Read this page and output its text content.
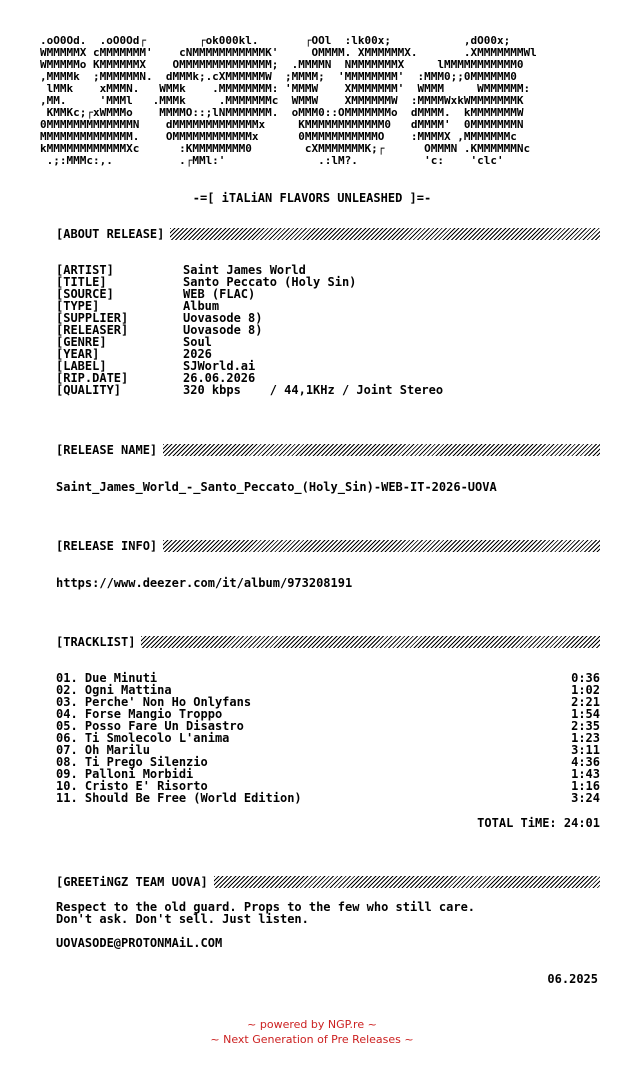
.oO0Od.  .oO0Od┌        ┌ok000kl.       ┌OOl  :lk00x;           ,dO00x;
WMMMMMX cMMMMMMM'    cNMMMMMMMMMMMK'     OMMMM. XMMMMMMX.       .XMMMMMMMWl
WMMMMMo KMMMMMMX    OMMMMMMMMMMMMMM;  .MMMMN  NMMMMMMMX     lMMMMMMMMMMM0
,MMMMk  ;MMMMMMN.  dMMMk;.cXMMMMMMW  ;MMMM;  'MMMMMMMM'  :MMM0;;0MMMMMM0
lMMk    xMMMN.   WMMk    .MMMMMMMM: 'MMMW    XMMMMMMM'  WMMM     WMMMMMM:
,MM.     'MMMl   .MMMk     .MMMMMMMc  WMMW    XMMMMMMW  :MMMMWxkWMMMMMMMK
KMMKc;┌xWMMMo    MMMMO::;lNMMMMMMM.  oMMM0::OMMMMMMMo  dMMMM.  kMMMMMMMW
0MMMMMMMMMMMMMN    dMMMMMMMMMMMMMx     KMMMMMMMMMMMM0   dMMMM'  0MMMMMMMN
MMMMMMMMMMMMMM.    OMMMMMMMMMMMMx      0MMMMMMMMMMMO    :MMMMX ,MMMMMMMc
kMMMMMMMMMMMMXc      :KMMMMMMMM0        cXMMMMMMMK;┌      OMMMN .KMMMMMMNc
.;:MMMc:,.          .┌MMl:'              .:lM?.          'c:    'clc'
-=[ iTALiAN FLAVORS UNLEASHED ]=-
[ABOUT RELEASE]
[ARTIST]	Saint James World
[TITLE]	Santo Peccato (Holy Sin)
[SOURCE]	WEB (FLAC)
[TYPE]	Album
[SUPPLIER]	Uovasode 8)
[RELEASER]	Uovasode 8)
[GENRE]	Soul
[YEAR]	2026
[LABEL]	SJWorld.ai
[RIP.DATE]	26.06.2026
[QUALITY]	320 kbps    / 44,1KHz / Joint Stereo
[RELEASE NAME]
Saint_James_World_-_Santo_Peccato_(Holy_Sin)-WEB-IT-2026-UOVA
[RELEASE INFO]
https://www.deezer.com/it/album/973208191
[TRACKLIST]
01. Due Minuti	0:36
02. Ogni Mattina	1:02
03. Perche' Non Ho Onlyfans	2:21
04. Forse Mangio Troppo	1:54
05. Posso Fare Un Disastro	2:35
06. Ti Smolecolo L'anima	1:23
07. Oh Marilu	3:11
08. Ti Prego Silenzio	4:36
09. Palloni Morbidi	1:43
10. Cristo E' Risorto	1:16
11. Should Be Free (World Edition)	3:24
TOTAL TiME: 24:01
[GREETiNGZ TEAM UOVA]
Respect to the old guard. Props to the few who still care.
Don't ask. Don't sell. Just listen.
UOVASODE@PROTONMAiL.COM
06.2025
~ powered by NGP.re ~
~ Next Generation of Pre Releases ~
